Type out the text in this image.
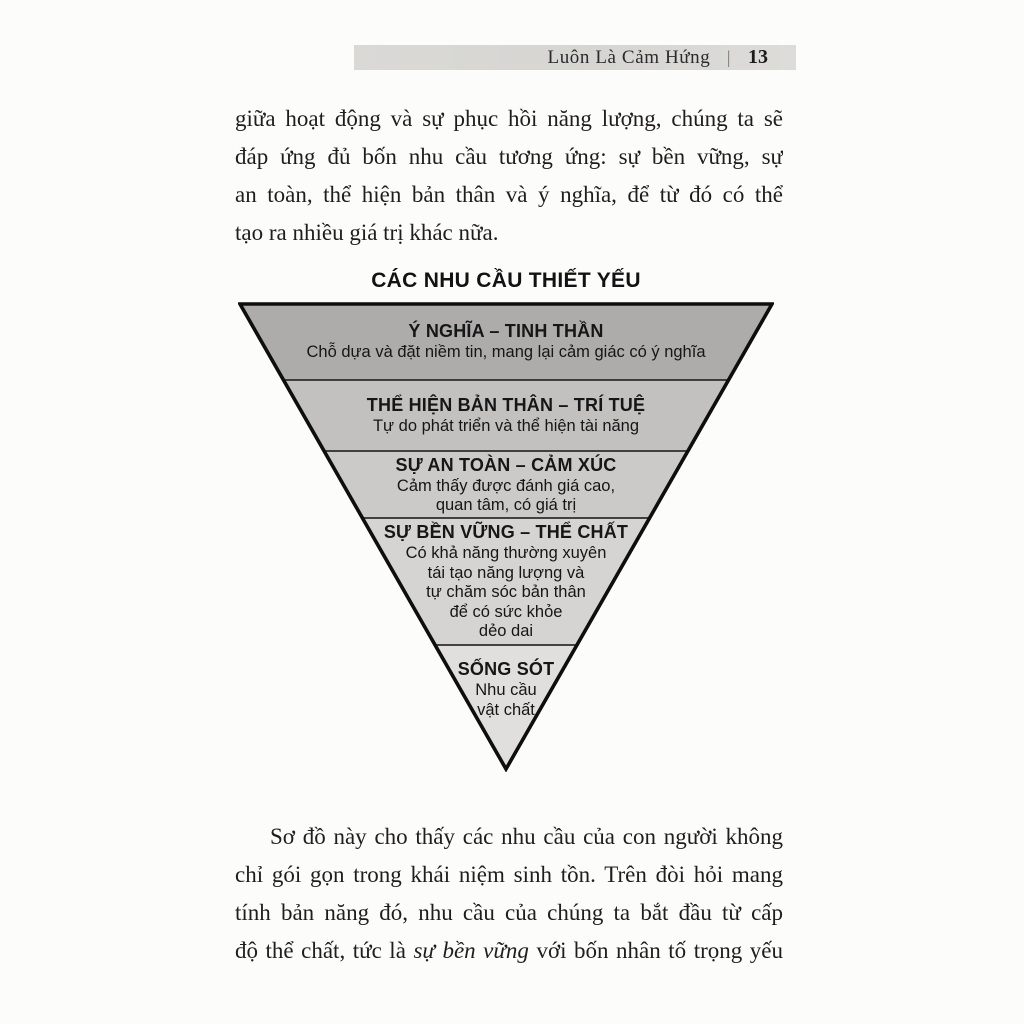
Luôn Là Cảm Hứng | 13
giữa hoạt động và sự phục hồi năng lượng, chúng ta sẽ
đáp ứng đủ bốn nhu cầu tương ứng: sự bền vững, sự
an toàn, thể hiện bản thân và ý nghĩa, để từ đó có thể
tạo ra nhiều giá trị khác nữa.
CÁC NHU CẦU THIẾT YẾU
Ý NGHĨA – TINH THẦN
Chỗ dựa và đặt niềm tin, mang lại cảm giác có ý nghĩa
THỂ HIỆN BẢN THÂN – TRÍ TUỆ
Tự do phát triển và thể hiện tài năng
SỰ AN TOÀN – CẢM XÚC
Cảm thấy được đánh giá cao,
quan tâm, có giá trị
SỰ BỀN VỮNG – THỂ CHẤT
Có khả năng thường xuyên
tái tạo năng lượng và
tự chăm sóc bản thân
để có sức khỏe
dẻo dai
SỐNG SÓT
Nhu cầu
vật chất
Sơ đồ này cho thấy các nhu cầu của con người không
chỉ gói gọn trong khái niệm sinh tồn. Trên đòi hỏi mang
tính bản năng đó, nhu cầu của chúng ta bắt đầu từ cấp
độ thể chất, tức là sự bền vững với bốn nhân tố trọng yếu
